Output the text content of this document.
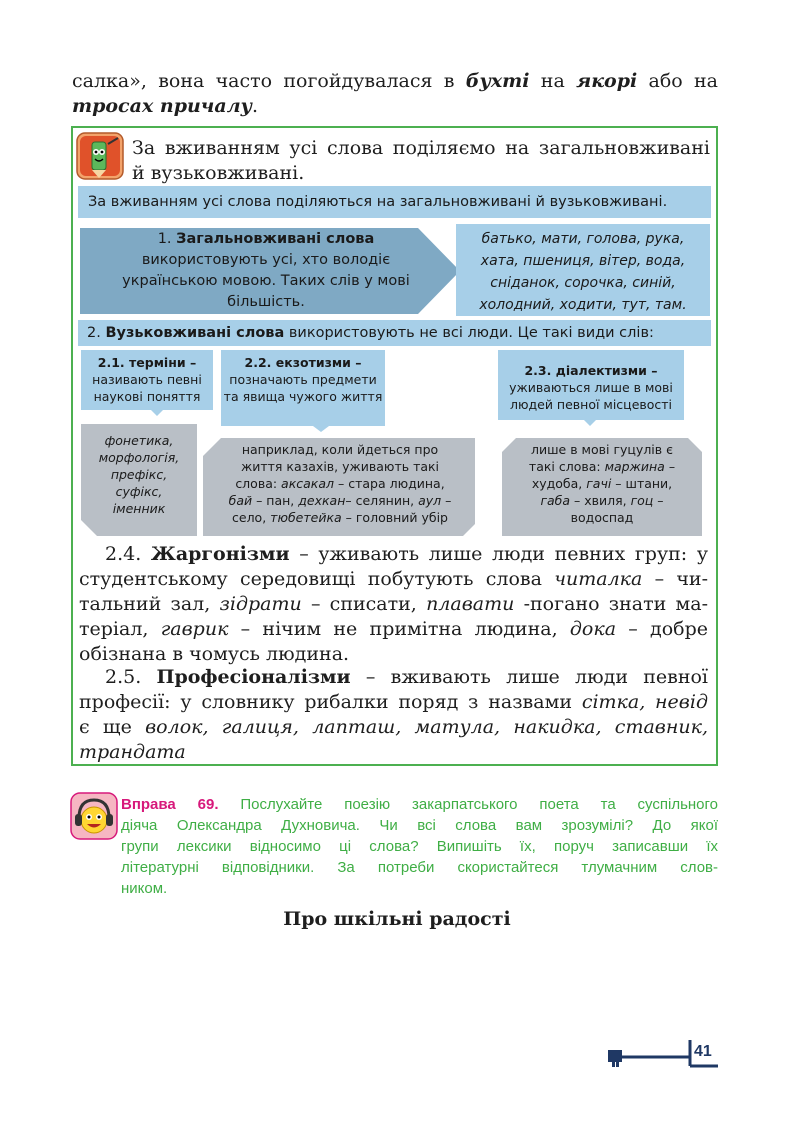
салка», вона часто погойдувалася в бухті на якорі або на
тросах причалу.
За вживанням усі слова поділяємо на загальновживані
й вузьковживані.
За вживанням усі слова поділяються на загальновживані й вузьковживані.
1. Загальновживані слова використовують усі, хто володіє українською мовою. Таких слів у мові більшість.
батько, мати, голова, рука,
хата, пшениця, вітер, вода,
сніданок, сорочка, синій,
холодний, ходити, тут, там.
2. Вузьковживані слова використовують не всі люди. Це такі види слів:
2.1. терміни –
називають певні наукові поняття
2.2. екзотизми –
позначають предмети та явища чужого життя
2.3. діалектизми –
уживаються лише в мові людей певної місцевості
фонетика,
морфологія,
префікс,
суфікс,
іменник
наприклад, коли йдеться про
життя казахів, уживають такі
слова: аксакал – стара людина,
бай – пан, дехкан– селянин, аул –
село, тюбетейка – головний убір
лише в мові гуцулів є
такі слова: маржина –
худоба, гачі – штани,
габа – хвиля, гоц –
водоспад
2.4. Жаргонізми – уживають лише люди певних груп: у
студентському середовищі побутують слова читалка – чи-
тальний зал, зідрати – списати, плавати -погано знати ма-
теріал, гаврик – нічим не примітна людина, дока – добре
обізнана в чомусь людина.
2.5. Професіоналізми – вживають лише люди певної
професії: у словнику рибалки поряд з назвами сітка, невід
є ще волок, галиця, лапташ, матула, накидка, ставник,
трандата
Вправа 69. Послухайте поезію закарпатського поета та суспільного
діяча Олександра Духновича. Чи всі слова вам зрозумілі? До якої
групи лексики відносимо ці слова? Випишіть їх, поруч записавши їх
літературні відповідники. За потреби скористайтеся тлумачним слов-
ником.
Про шкільні радості
41
